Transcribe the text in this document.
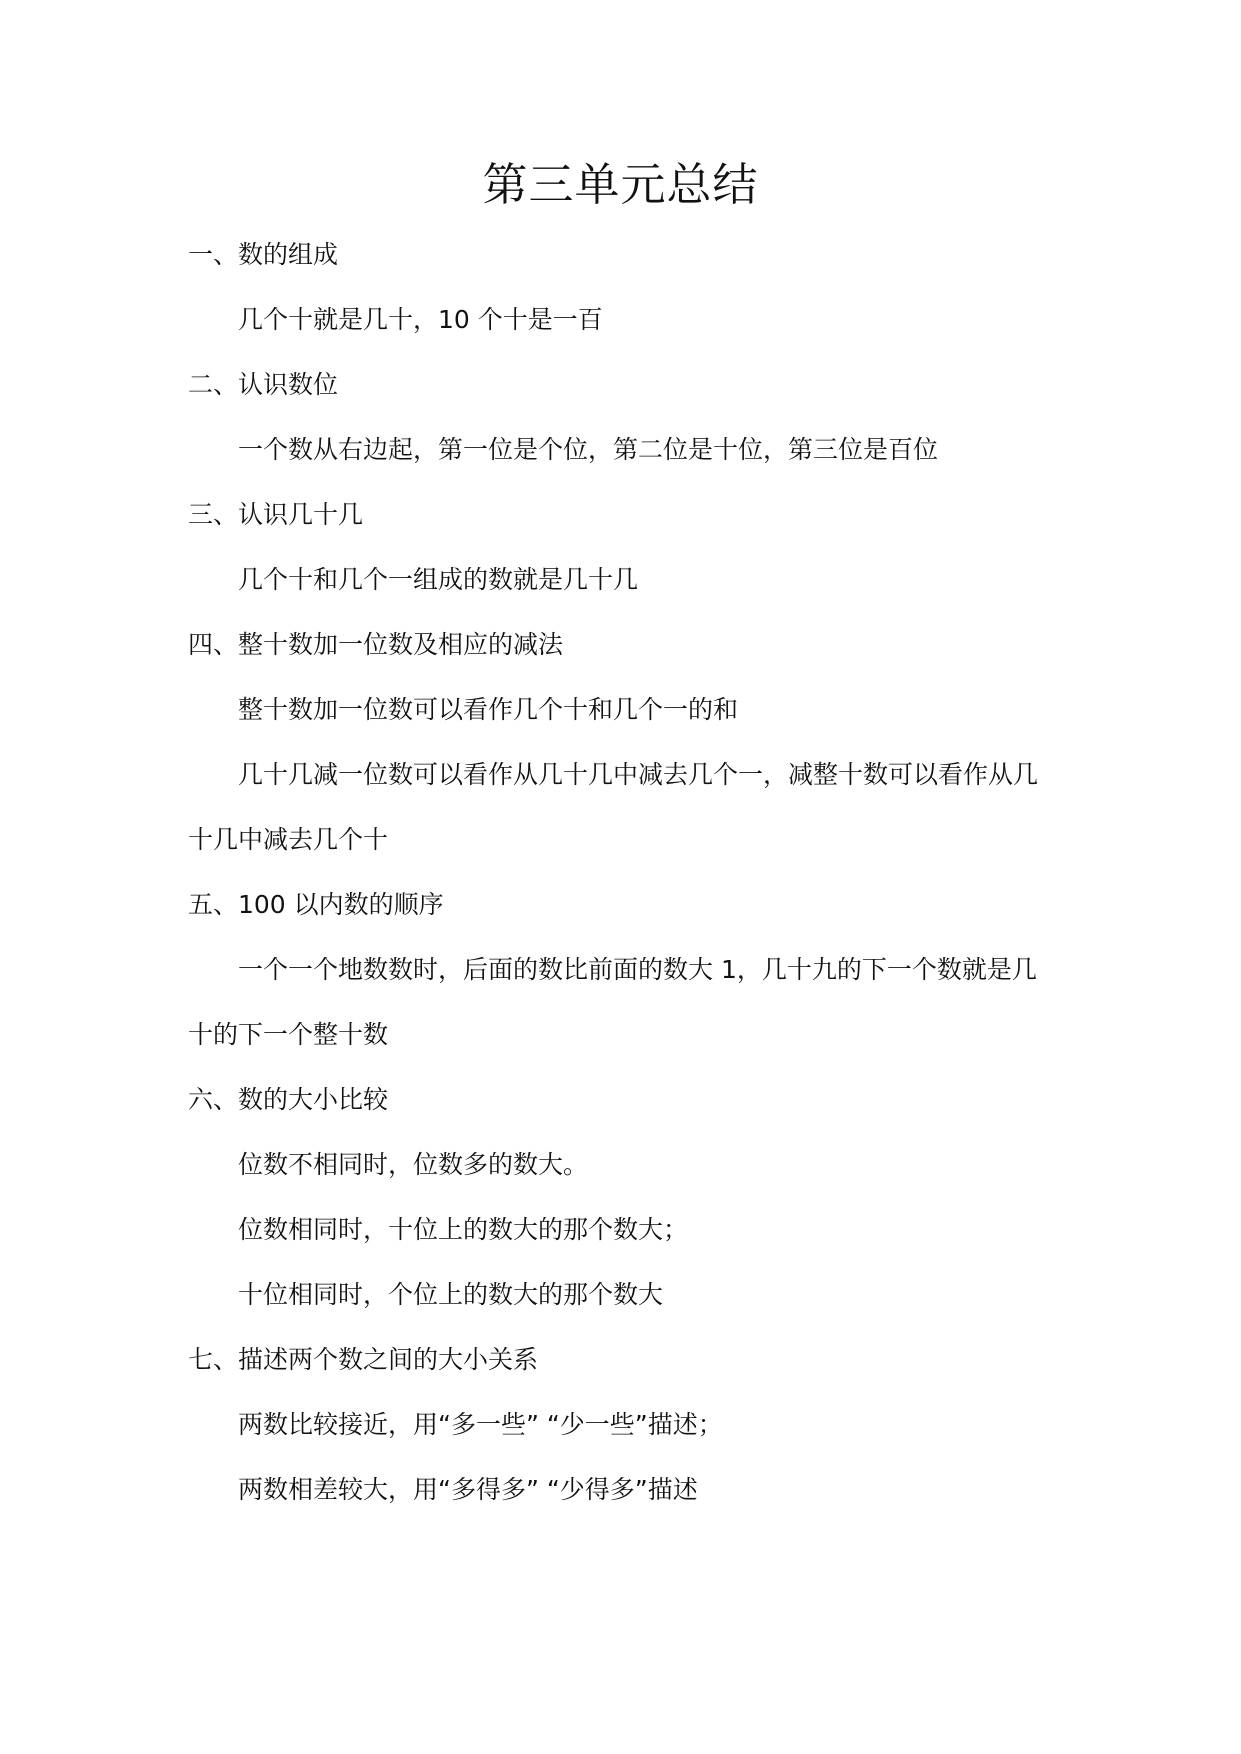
第三单元总结
一、数的组成
几个十就是几十，10 个十是一百
二、认识数位
一个数从右边起，第一位是个位，第二位是十位，第三位是百位
三、认识几十几
几个十和几个一组成的数就是几十几
四、整十数加一位数及相应的减法
整十数加一位数可以看作几个十和几个一的和
几十几减一位数可以看作从几十几中减去几个一，减整十数可以看作从几
十几中减去几个十
五、100 以内数的顺序
一个一个地数数时，后面的数比前面的数大 1，几十九的下一个数就是几
十的下一个整十数
六、数的大小比较
位数不相同时，位数多的数大。
位数相同时，十位上的数大的那个数大；
十位相同时，个位上的数大的那个数大
七、描述两个数之间的大小关系
两数比较接近，用“多一些” “少一些”描述；
两数相差较大，用“多得多” “少得多”描述
